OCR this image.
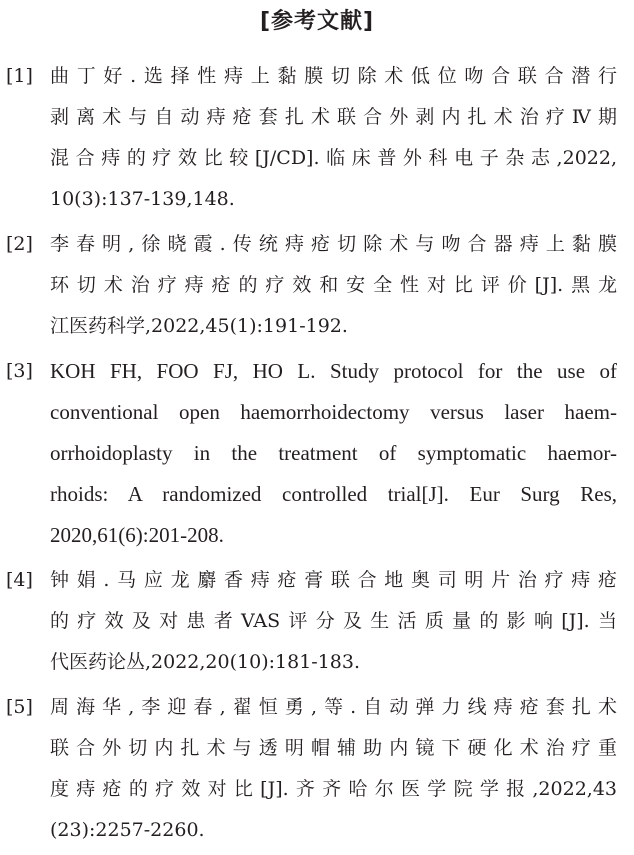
[参考文献]
[1] 曲丁好.选择性痔上黏膜切除术低位吻合联合潜行
剥离术与自动痔疮套扎术联合外剥内扎术治疗Ⅳ期
混合痔的疗效比较[J/CD].临床普外科电子杂志,2022,
10(3):137-139,148.
[2] 李春明,徐晓霞.传统痔疮切除术与吻合器痔上黏膜
环切术治疗痔疮的疗效和安全性对比评价[J].黑龙
江医药科学,2022,45(1):191-192.
[3] KOH FH, FOO FJ, HO L. Study protocol for the use of
conventional open haemorrhoidectomy versus laser haem-
orrhoidoplasty in the treatment of symptomatic haemor-
rhoids: A randomized controlled trial[J]. Eur Surg Res,
2020,61(6):201-208.
[4] 钟娟.马应龙麝香痔疮膏联合地奥司明片治疗痔疮
的疗效及对患者VAS评分及生活质量的影响[J].当
代医药论丛,2022,20(10):181-183.
[5] 周海华,李迎春,翟恒勇,等.自动弹力线痔疮套扎术
联合外切内扎术与透明帽辅助内镜下硬化术治疗重
度痔疮的疗效对比[J].齐齐哈尔医学院学报,2022,43
(23):2257-2260.
